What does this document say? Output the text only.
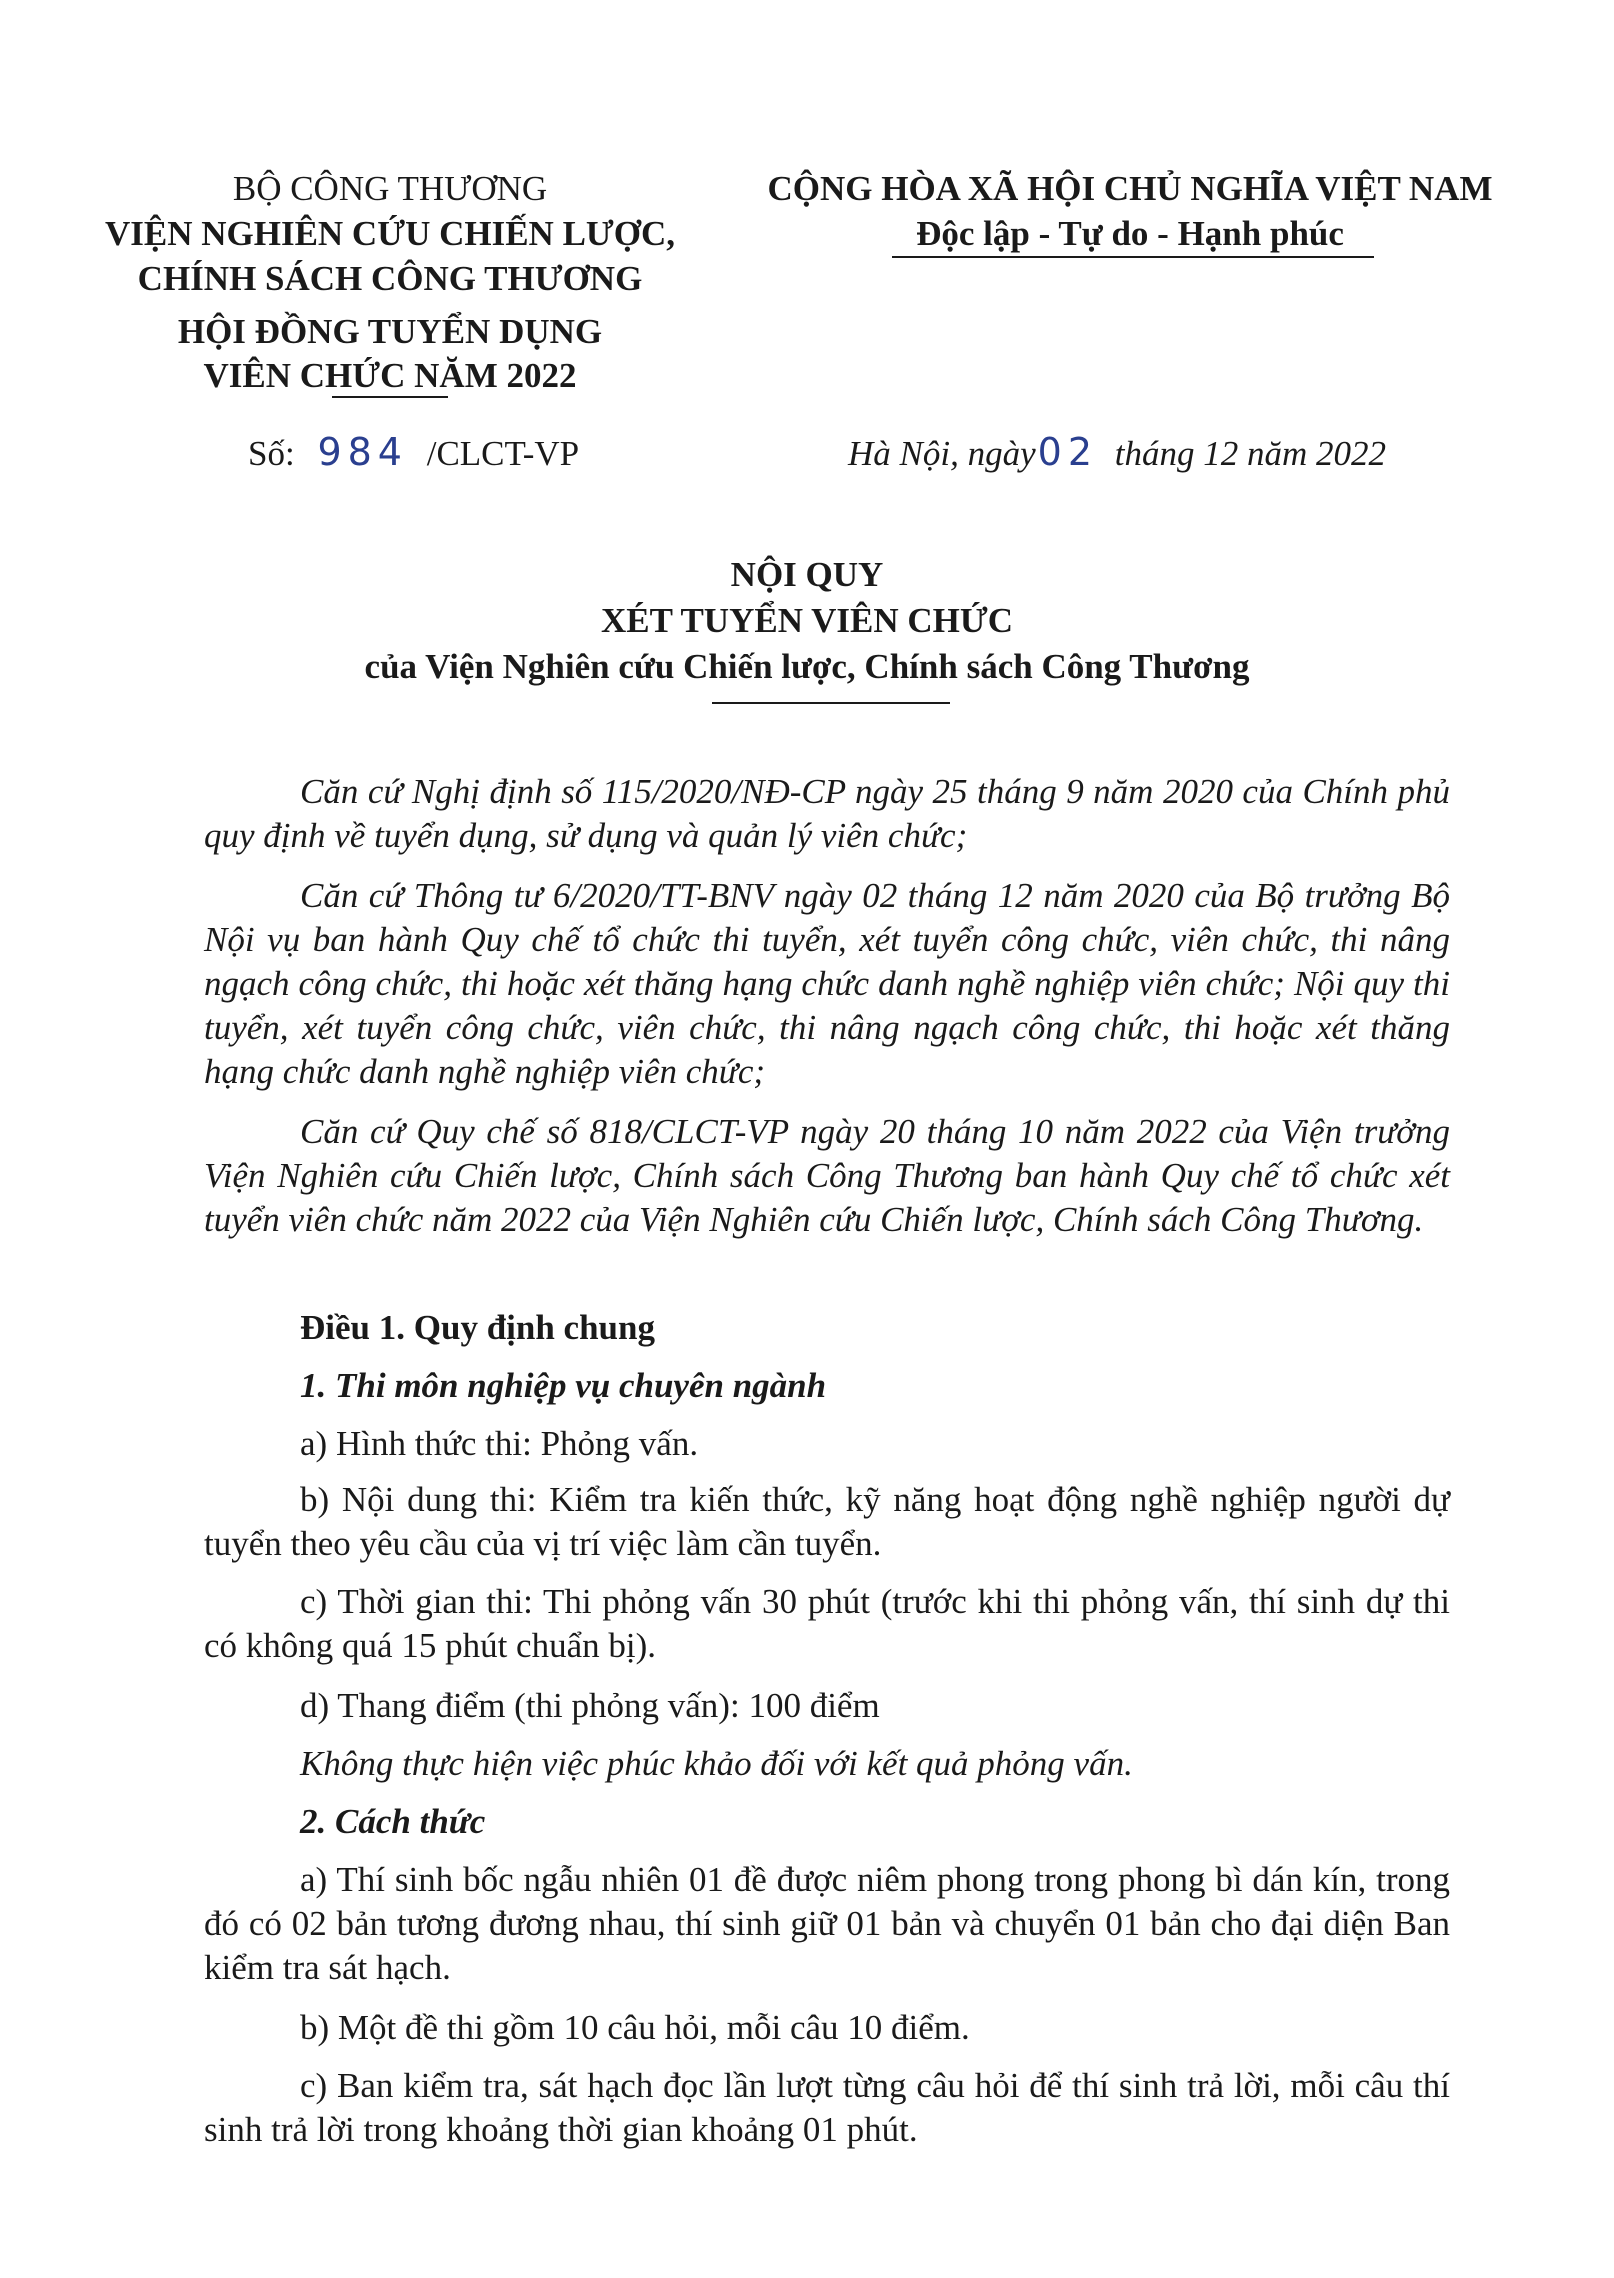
BỘ CÔNG THƯƠNG
VIỆN NGHIÊN CỨU CHIẾN LƯỢC,
CHÍNH SÁCH CÔNG THƯƠNG
HỘI ĐỒNG TUYỂN DỤNG
VIÊN CHỨC NĂM 2022
Số: 984 /CLCT-VP
CỘNG HÒA XÃ HỘI CHỦ NGHĨA VIỆT NAM
Độc lập - Tự do - Hạnh phúc
Hà Nội, ngày02 tháng 12 năm 2022
NỘI QUY
XÉT TUYỂN VIÊN CHỨC
của Viện Nghiên cứu Chiến lược, Chính sách Công Thương
Căn cứ Nghị định số 115/2020/NĐ-CP ngày 25 tháng 9 năm 2020 của Chính phủ quy định về tuyển dụng, sử dụng và quản lý viên chức;
Căn cứ Thông tư 6/2020/TT-BNV ngày 02 tháng 12 năm 2020 của Bộ trưởng Bộ Nội vụ ban hành Quy chế tổ chức thi tuyển, xét tuyển công chức, viên chức, thi nâng ngạch công chức, thi hoặc xét thăng hạng chức danh nghề nghiệp viên chức; Nội quy thi tuyển, xét tuyển công chức, viên chức, thi nâng ngạch công chức, thi hoặc xét thăng hạng chức danh nghề nghiệp viên chức;
Căn cứ Quy chế số 818/CLCT-VP ngày 20 tháng 10 năm 2022 của Viện trưởng Viện Nghiên cứu Chiến lược, Chính sách Công Thương ban hành Quy chế tổ chức xét tuyển viên chức năm 2022 của Viện Nghiên cứu Chiến lược, Chính sách Công Thương.
Điều 1. Quy định chung
1. Thi môn nghiệp vụ chuyên ngành
a) Hình thức thi: Phỏng vấn.
b) Nội dung thi: Kiểm tra kiến thức, kỹ năng hoạt động nghề nghiệp người dự tuyển theo yêu cầu của vị trí việc làm cần tuyển.
c) Thời gian thi: Thi phỏng vấn 30 phút (trước khi thi phỏng vấn, thí sinh dự thi có không quá 15 phút chuẩn bị).
d) Thang điểm (thi phỏng vấn): 100 điểm
Không thực hiện việc phúc khảo đối với kết quả phỏng vấn.
2. Cách thức
a) Thí sinh bốc ngẫu nhiên 01 đề được niêm phong trong phong bì dán kín, trong đó có 02 bản tương đương nhau, thí sinh giữ 01 bản và chuyển 01 bản cho đại diện Ban kiểm tra sát hạch.
b) Một đề thi gồm 10 câu hỏi, mỗi câu 10 điểm.
c) Ban kiểm tra, sát hạch đọc lần lượt từng câu hỏi để thí sinh trả lời, mỗi câu thí sinh trả lời trong khoảng thời gian khoảng 01 phút.
